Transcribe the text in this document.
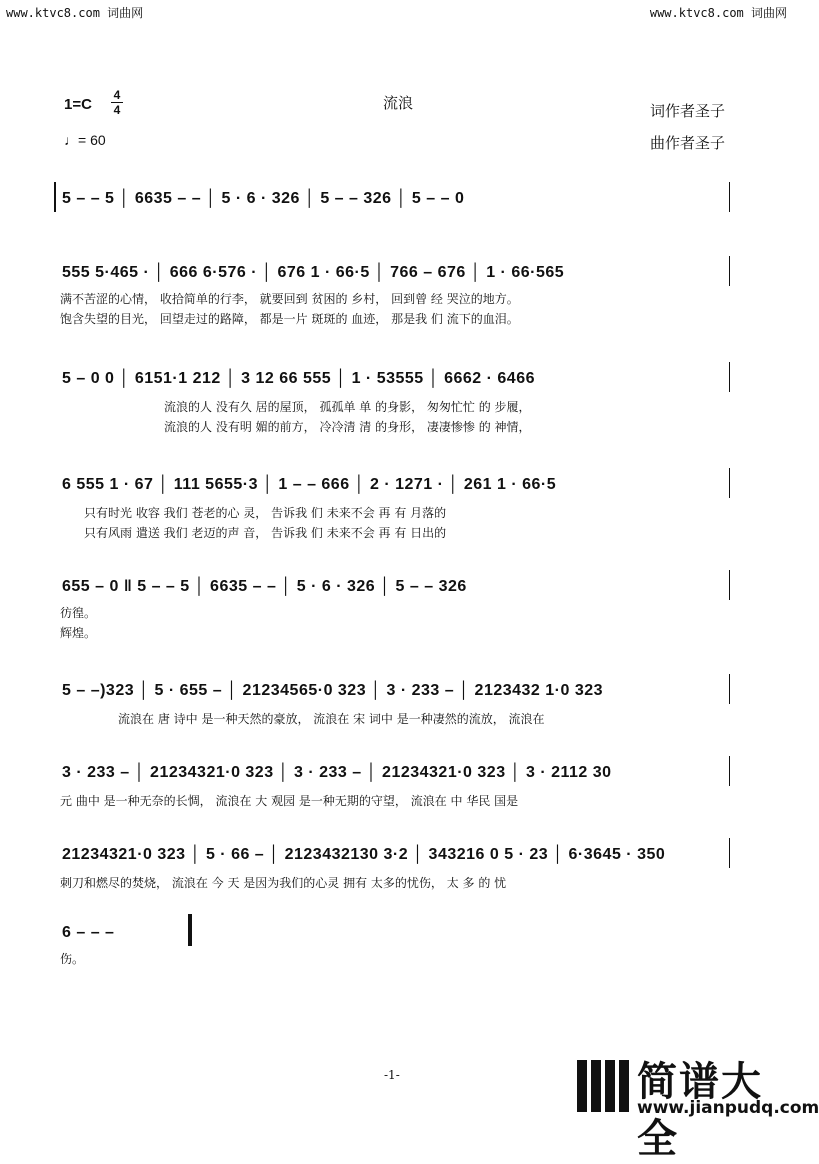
www.ktvc8.com 词曲网	www.ktvc8.com 词曲网
1=C
4
4
♩= 60
流浪	词作者圣子
曲作者圣子
5 – – 5 │ 6635 – – │ 5 · 6 · 326 │ 5 – – 326 │ 5 – – 0
555 5·465 · │ 666 6·576 · │ 676 1 · 66·5 │ 766 – 676 │ 1 · 66·565
满不苦涩的心情， 收拾简单的行李， 就要回到 贫困的 乡村， 回到曾 经 哭泣的地方。
饱含失望的目光， 回望走过的路障， 都是一片 斑斑的 血迹， 那是我 们 流下的血泪。
5 – 0 0 │ 6151·1 212 │ 3 12 66 555 │ 1 · 53555 │ 6662 · 6466
流浪的人 没有久 居的屋顶， 孤孤单 单 的身影， 匆匆忙忙 的 步履，
流浪的人 没有明 媚的前方， 冷冷清 清 的身形， 凄凄惨惨 的 神情，
6 555 1 · 67 │ 111 5655·3 │ 1 – – 666 │ 2 · 1271 · │ 261 1 · 66·5
只有时光 收容 我们 苍老的心 灵， 告诉我 们 未来不会 再 有 月落的
只有风雨 遣送 我们 老迈的声 音， 告诉我 们 未来不会 再 有 日出的
655 – 0 ‖ 5 – – 5 │ 6635 – – │ 5 · 6 · 326 │ 5 – – 326
彷徨。
辉煌。
5 – –)323 │ 5 · 655 – │ 21234565·0 323 │ 3 · 233 – │ 2123432 1·0 323
流浪在 唐 诗中 是一种天然的豪放， 流浪在 宋 词中 是一种凄然的流放， 流浪在
3 · 233 – │ 21234321·0 323 │ 3 · 233 – │ 21234321·0 323 │ 3 · 2112 30
元 曲中 是一种无奈的长惆， 流浪在 大 观园 是一种无期的守望， 流浪在 中 华民 国是
21234321·0 323 │ 5 · 66 – │ 2123432130 3·2 │ 343216 0 5 · 23 │ 6·3645 · 350
刺刀和燃尽的焚烧， 流浪在 今 天 是因为我们的心灵 拥有 太多的忧伤， 太 多 的 忧
6 – – –
伤。
-1-	简谱大全
www.jianpudq.com
